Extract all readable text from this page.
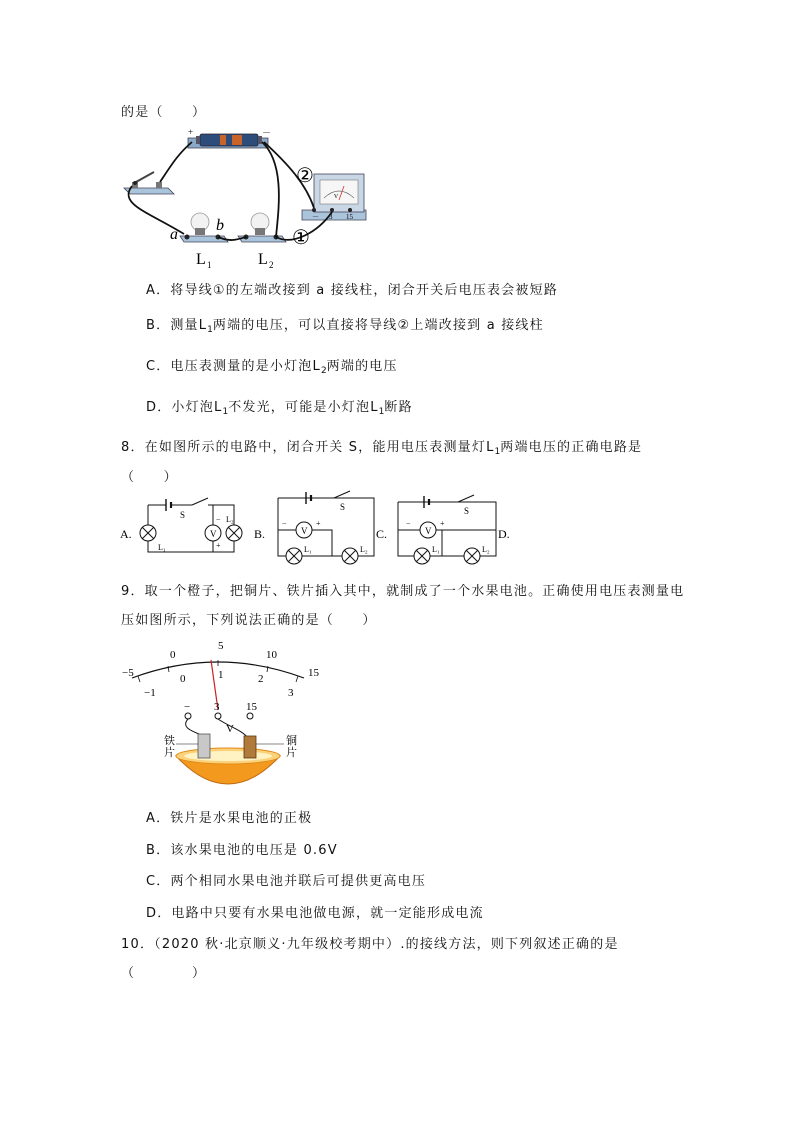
的是（　　）
+	－
V
－ 3 15
②
①
a
b
L 1	L 2
A．将导线①的左端改接到 a 接线柱，闭合开关后电压表会被短路
B．测量$L_1$两端的电压，可以直接将导线②上端改接到 a 接线柱
C．电压表测量的是小灯泡$L_2$两端的电压
D．小灯泡$L_1$不发光，可能是小灯泡$L_1$断路
8．在如图所示的电路中，闭合开关 S，能用电压表测量灯$L_1$两端电压的正确电路是
（　　）
A.	B.	C.	D.
S
V
L₁
L₂
+
−
S
V
−	+
L₁	L₂
S
V
−	+
L₁	L₂
9．取一个橙子，把铜片、铁片插入其中，就制成了一个水果电池。正确使用电压表测量电
压如图所示，下列说法正确的是（　　）
−5
0
5
10
15
−1
0	1	2
3
− 3 15
V
铁
片
铜
片
A．铁片是水果电池的正极
B．该水果电池的电压是 0.6V
C．两个相同水果电池并联后可提供更高电压
D．电路中只要有水果电池做电源，就一定能形成电流
10．（2020 秋·北京顺义·九年级校考期中）.的接线方法，则下列叙述正确的是
（　　　　）
